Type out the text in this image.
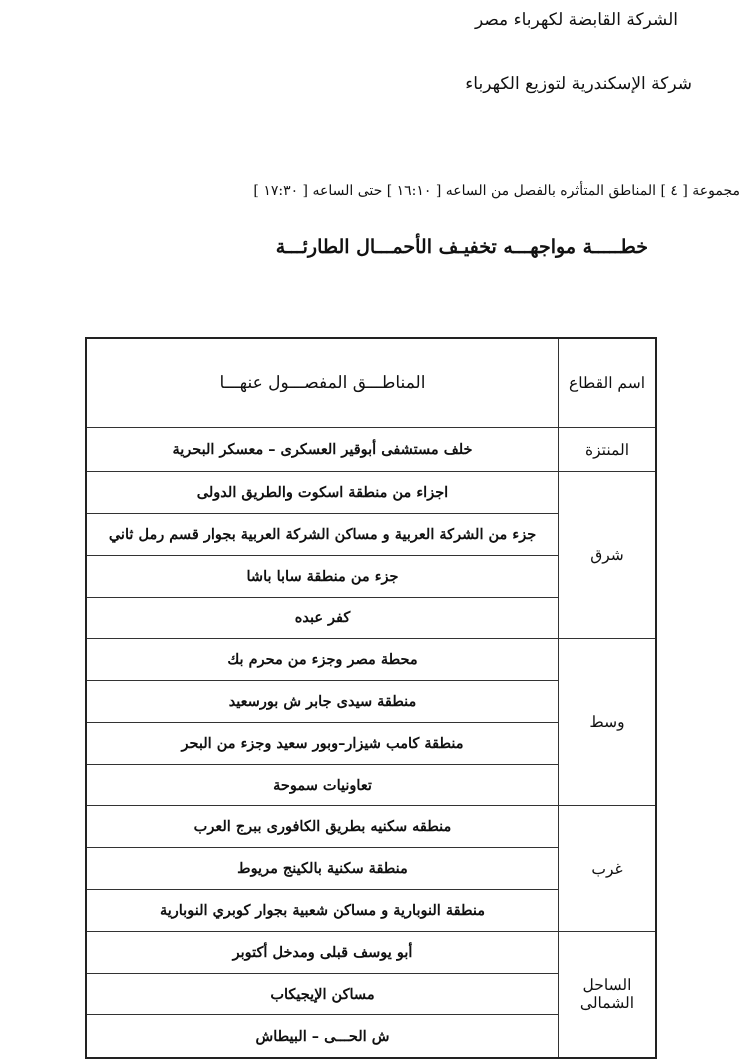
الشركة القابضة لكهرباء مصر
شركة الإسكندرية لتوزيع الكهرباء
مجموعة [ ٤ ] المناطق المتأثره بالفصل من الساعه [ ١٦:١٠ ] حتى الساعه [ ١٧:٣٠ ]
خطـــــة مواجهـــه تخفيـف الأحمـــال الطارئـــة
اسم القطاع	المناطـــق المفصـــول عنهـــا
المنتزة	خلف مستشفى أبوقير العسكرى – معسكر البحرية
شرق	اجزاء من منطقة اسكوت والطريق الدولى
	جزء من الشركة العربية و مساكن الشركة العربية بجوار قسم رمل ثاني
	جزء من منطقة سابا باشا
	كفر عبده
وسط	محطة مصر وجزء من محرم بك
	منطقة سيدى جابر ش بورسعيد
	منطقة كامب شيزار–وبور سعيد وجزء من البحر
	تعاونيات سموحة
غرب	منطقه سكنيه بطريق الكافورى ببرج العرب
	منطقة سكنية بالكينج مريوط
	منطقة النوبارية و مساكن شعبية بجوار كوبري النوبارية
الساحل الشمالى	أبو يوسف قبلى ومدخل أكتوبر
	مساكن الإيجيكاب
	ش الحـــى – البيطاش
